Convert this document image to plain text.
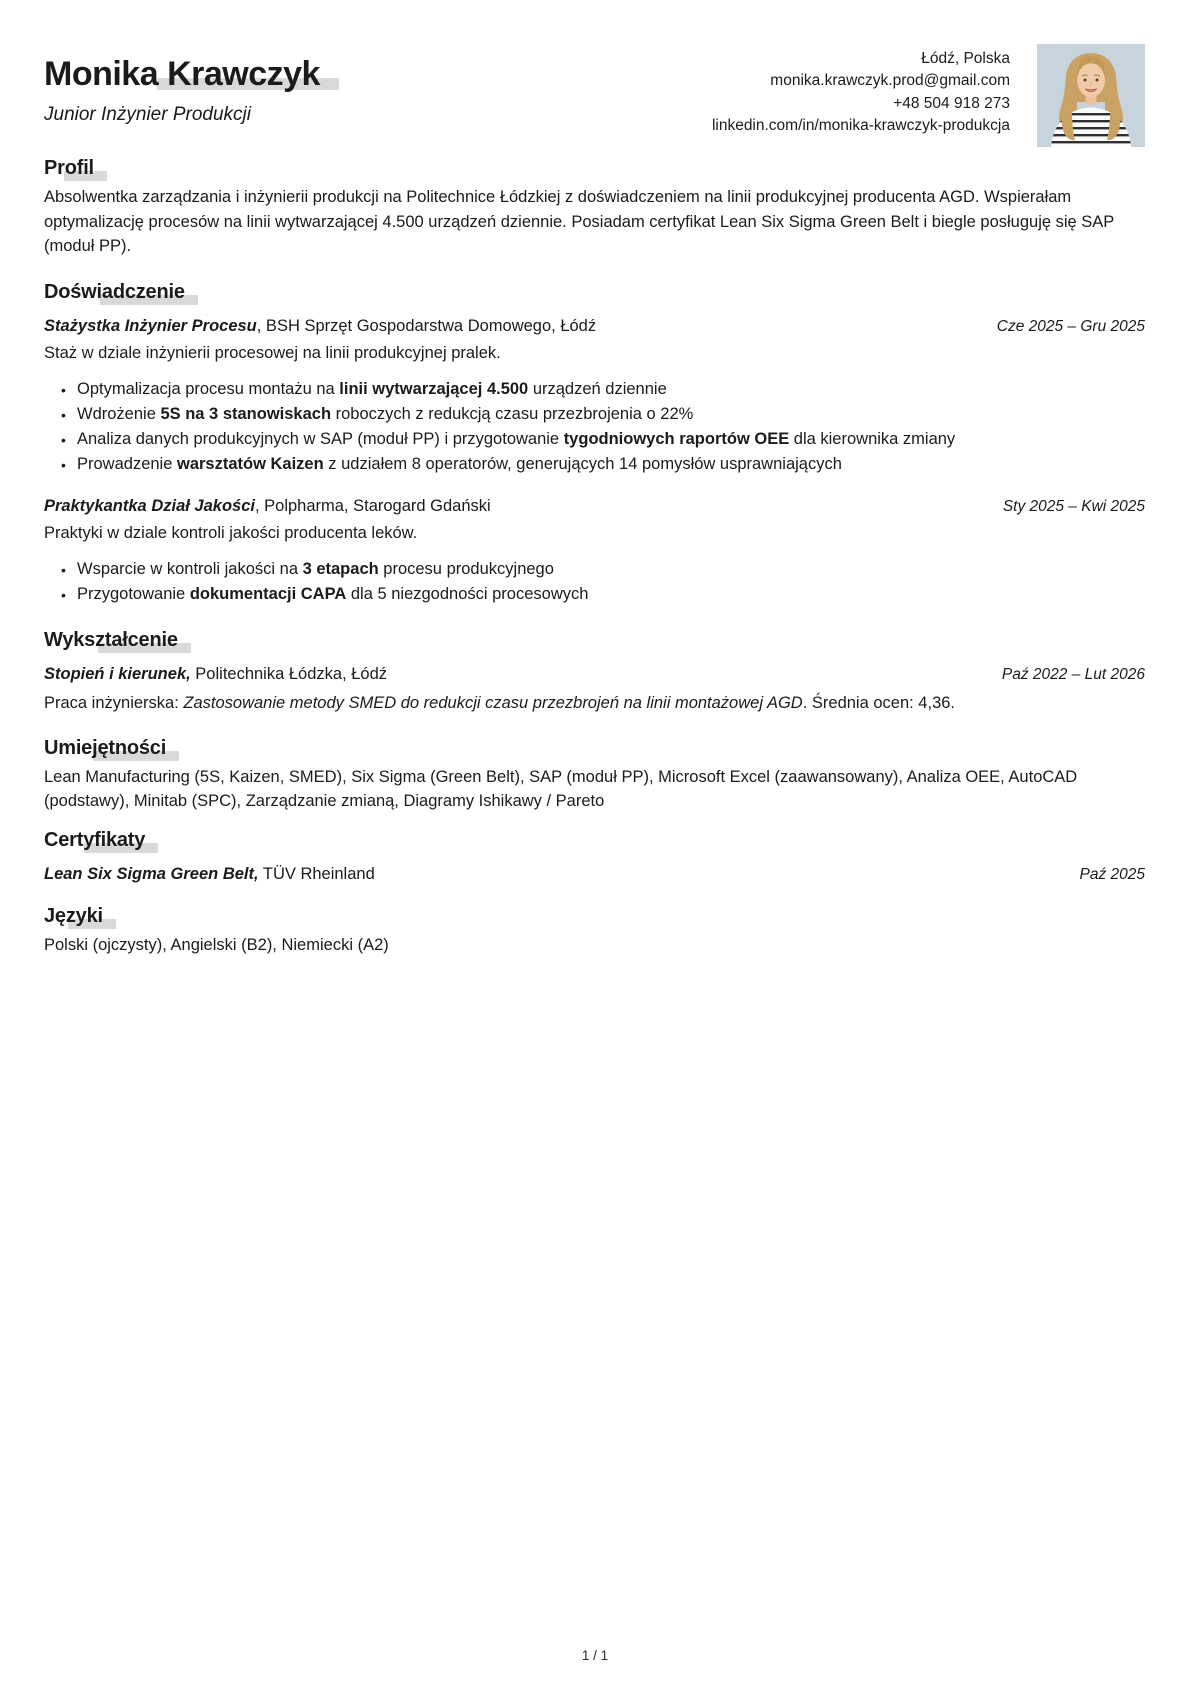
Monika Krawczyk
Junior Inżynier Produkcji
Łódź, Polska
monika.krawczyk.prod@gmail.com
+48 504 918 273
linkedin.com/in/monika-krawczyk-produkcja
Profil

Absolwentka zarządzania i inżynierii produkcji na Politechnice Łódzkiej z doświadczeniem na linii produkcyjnej producenta AGD. Wspierałam optymalizację procesów na linii wytwarzającej 4.500 urządzeń dziennie. Posiadam certyfikat Lean Six Sigma Green Belt i biegle posługuję się SAP (moduł PP).

Doświadczenie
Stażystka Inżynier Procesu, BSH Sprzęt Gospodarstwa Domowego, Łódź	Cze 2025 – Gru 2025
Staż w dziale inżynierii procesowej na linii produkcyjnej pralek.
• Optymalizacja procesu montażu na linii wytwarzającej 4.500 urządzeń dziennie
• Wdrożenie 5S na 3 stanowiskach roboczych z redukcją czasu przezbrojenia o 22%
• Analiza danych produkcyjnych w SAP (moduł PP) i przygotowanie tygodniowych raportów OEE dla kierownika zmiany
• Prowadzenie warsztatów Kaizen z udziałem 8 operatorów, generujących 14 pomysłów usprawniających
Praktykantka Dział Jakości, Polpharma, Starogard Gdański	Sty 2025 – Kwi 2025
Praktyki w dziale kontroli jakości producenta leków.
• Wsparcie w kontroli jakości na 3 etapach procesu produkcyjnego
• Przygotowanie dokumentacji CAPA dla 5 niezgodności procesowych
Wykształcenie
Stopień i kierunek, Politechnika Łódzka, Łódź	Paź 2022 – Lut 2026
Praca inżynierska: Zastosowanie metody SMED do redukcji czasu przezbrojeń na linii montażowej AGD. Średnia ocen: 4,36.
Umiejętności

Lean Manufacturing (5S, Kaizen, SMED), Six Sigma (Green Belt), SAP (moduł PP), Microsoft Excel (zaawansowany), Analiza OEE, AutoCAD (podstawy), Minitab (SPC), Zarządzanie zmianą, Diagramy Ishikawy / Pareto

Certyfikaty
Lean Six Sigma Green Belt, TÜV Rheinland	Paź 2025
Języki

Polski (ojczysty), Angielski (B2), Niemiecki (A2)

1 / 1
